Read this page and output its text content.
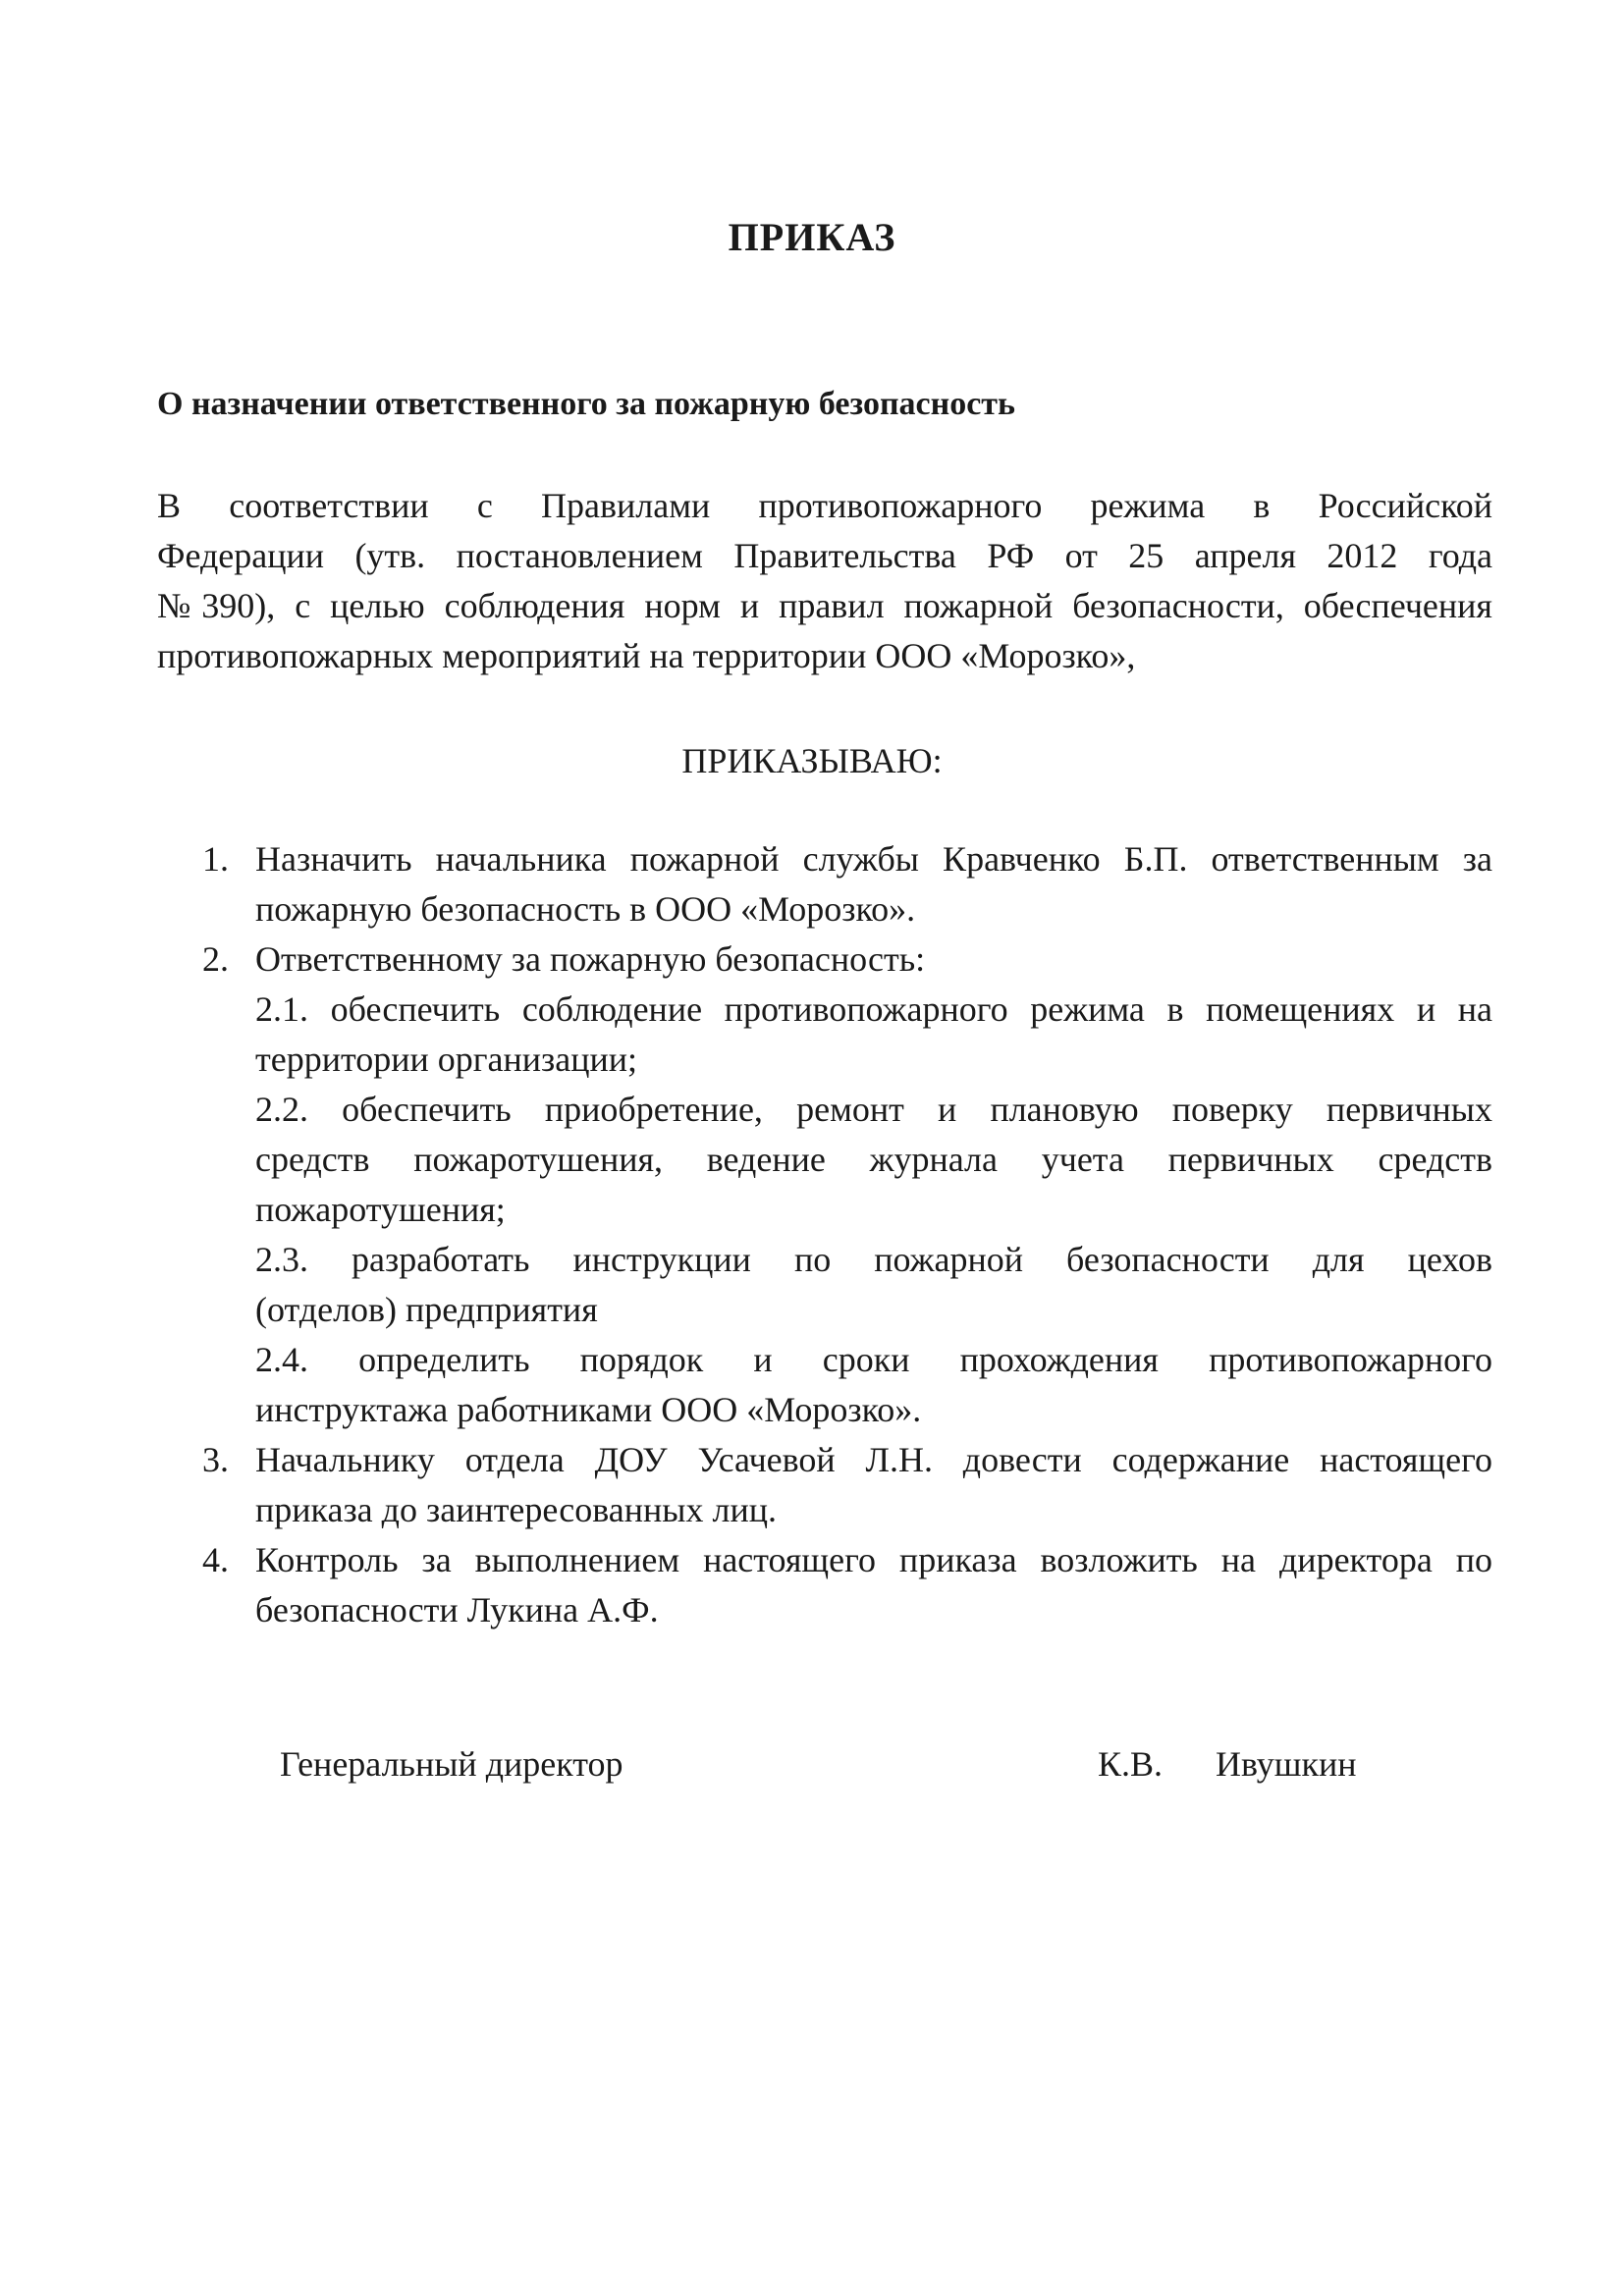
ПРИКАЗ
О назначении ответственного за пожарную безопасность
В соответствии с Правилами противопожарного режима в Российской
Федерации (утв. постановлением Правительства РФ от 25 апреля 2012 года
№390), с целью соблюдения норм и правил пожарной безопасности, обеспечения
противопожарных мероприятий на территории ООО «Морозко»,
ПРИКАЗЫВАЮ:
1. Назначить начальника пожарной службы Кравченко Б.П. ответственным за
пожарную безопасность в ООО «Морозко».
2. Ответственному за пожарную безопасность:
2.1. обеспечить соблюдение противопожарного режима в помещениях и на
территории организации;
2.2. обеспечить приобретение, ремонт и плановую поверку первичных
средств пожаротушения, ведение журнала учета первичных средств
пожаротушения;
2.3. разработать инструкции по пожарной безопасности для цехов
(отделов) предприятия
2.4. определить порядок и сроки прохождения противопожарного
инструктажа работниками ООО «Морозко».
3. Начальнику отдела ДОУ Усачевой Л.Н. довести содержание настоящего
приказа до заинтересованных лиц.
4. Контроль за выполнением настоящего приказа возложить на директора по
безопасности Лукина А.Ф.
Генеральный директор	К.В. Ивушкин
